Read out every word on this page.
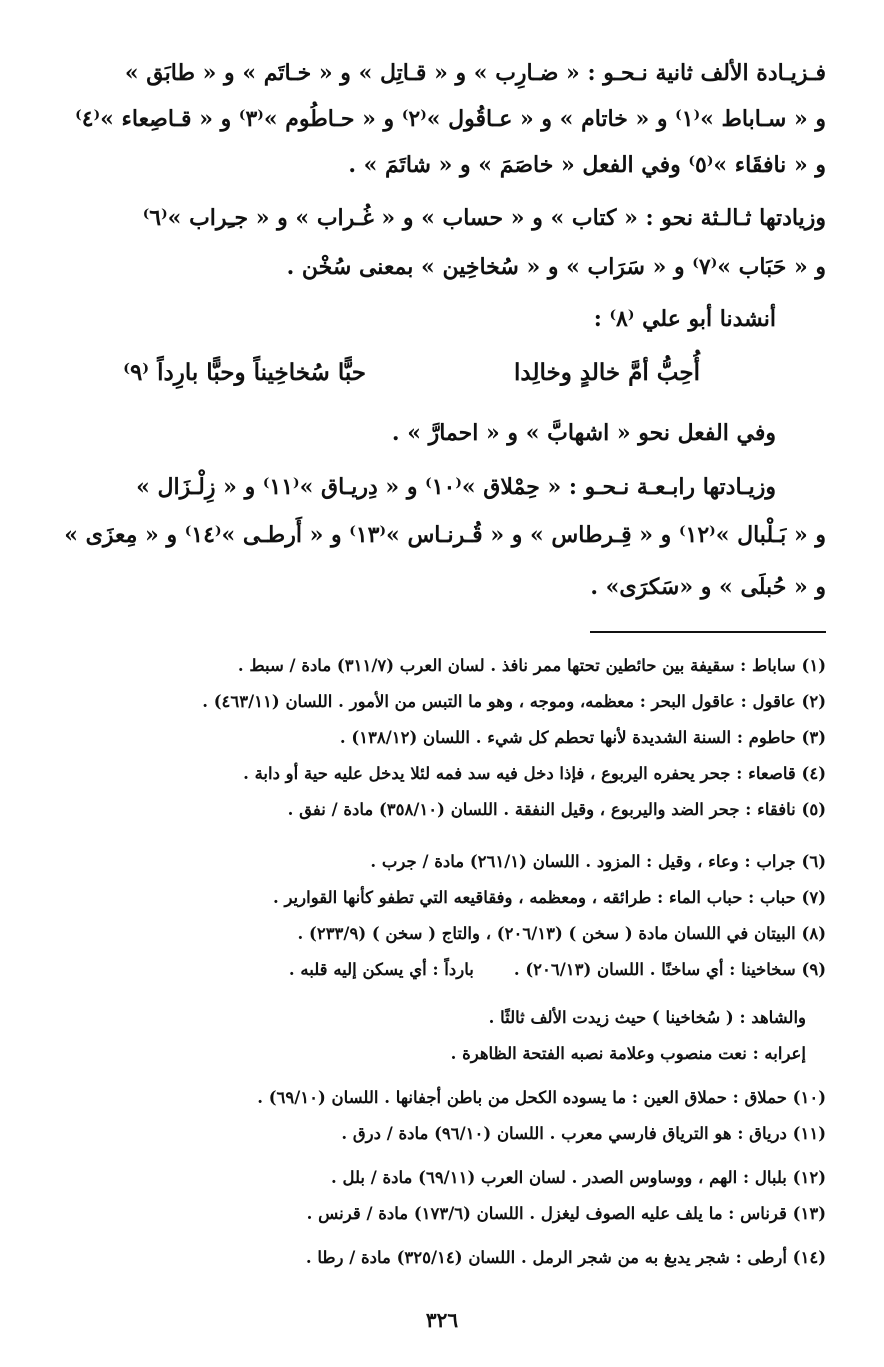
فـزيـادة الألف ثانية نـحـو : « ضـارِب » و « قـاتِل » و « خـاتَم » و « طابَق »
و « سـاباط »⁽١⁾ و « خاتام » و « عـاقُول »⁽٢⁾ و « حـاطُوم »⁽٣⁾ و « قـاصِعاء »⁽٤⁾
و « نافقَاء »⁽٥⁾ وفي الفعل « خاصَمَ » و « شاتَمَ » .
وزيادتها ثـالـثة نحو : « كتاب » و « حساب » و « غُـراب » و « جـِراب »⁽٦⁾
و « حَبَاب »⁽٧⁾ و « سَرَاب » و « سُخاخِين » بمعنى سُخْن .
أنشدنا أبو علي ⁽٨⁾ :
أُحِبُّ أمَّ خالدٍ وخالِدا
حبًّا سُخاخِيناً وحبًّا بارِداً ⁽٩⁾
وفي الفعل نحو « اشهابَّ » و « احمارَّ » .
وزيـادتها رابـعـة نـحـو : « حِمْلاق »⁽١٠⁾ و « دِريـاق »⁽١١⁾ و « زِلْـزَال »
و « بَـلْبال »⁽١٢⁾ و « قِـرطاس » و « قُـرنـاس »⁽١٣⁾ و « أَرطـى »⁽١٤⁾ و « مِعزَى »
و « حُبلَى » و «سَكرَى» .
(١) ساباط : سقيفة بين حائطين تحتها ممر نافذ . لسان العرب (٣١١/٧) مادة / سبط .
(٢) عاقول : عاقول البحر : معظمه، وموجه ، وهو ما التبس من الأمور . اللسان (٤٦٣/١١) .
(٣) حاطوم : السنة الشديدة لأنها تحطم كل شيء . اللسان (١٣٨/١٢) .
(٤) قاصعاء : جحر يحفره اليربوع ، فإذا دخل فيه سد فمه لئلا يدخل عليه حية أو دابة .
(٥) نافقاء : جحر الضد واليربوع ، وقيل النفقة . اللسان (٣٥٨/١٠) مادة / نفق .
(٦) جراب : وعاء ، وقيل : المزود . اللسان (٢٦١/١) مادة / جرب .
(٧) حباب : حباب الماء : طرائقه ، ومعظمه ، وفقاقيعه التي تطفو كأنها القوارير .
(٨) البيتان في اللسان مادة ( سخن ) (٢٠٦/١٣) ، والتاج ( سخن ) (٢٣٣/٩) .
(٩) سخاخينا : أي ساخنًا . اللسان (٢٠٦/١٣) .بارداً : أي يسكن إليه قلبه .
والشاهد : ( سُخاخينا ) حيث زيدت الألف ثالثًا .
إعرابه : نعت منصوب وعلامة نصبه الفتحة الظاهرة .
(١٠) حملاق : حملاق العين : ما يسوده الكحل من باطن أجفانها . اللسان (٦٩/١٠) .
(١١) درياق : هو الترياق فارسي معرب . اللسان (٩٦/١٠) مادة / درق .
(١٢) بلبال : الهم ، ووساوس الصدر . لسان العرب (٦٩/١١) مادة / بلل .
(١٣) قرناس : ما يلف عليه الصوف ليغزل . اللسان (١٧٣/٦) مادة / قرنس .
(١٤) أرطى : شجر يدبغ به من شجر الرمل . اللسان (٣٢٥/١٤) مادة / رطا .
٣٢٦
